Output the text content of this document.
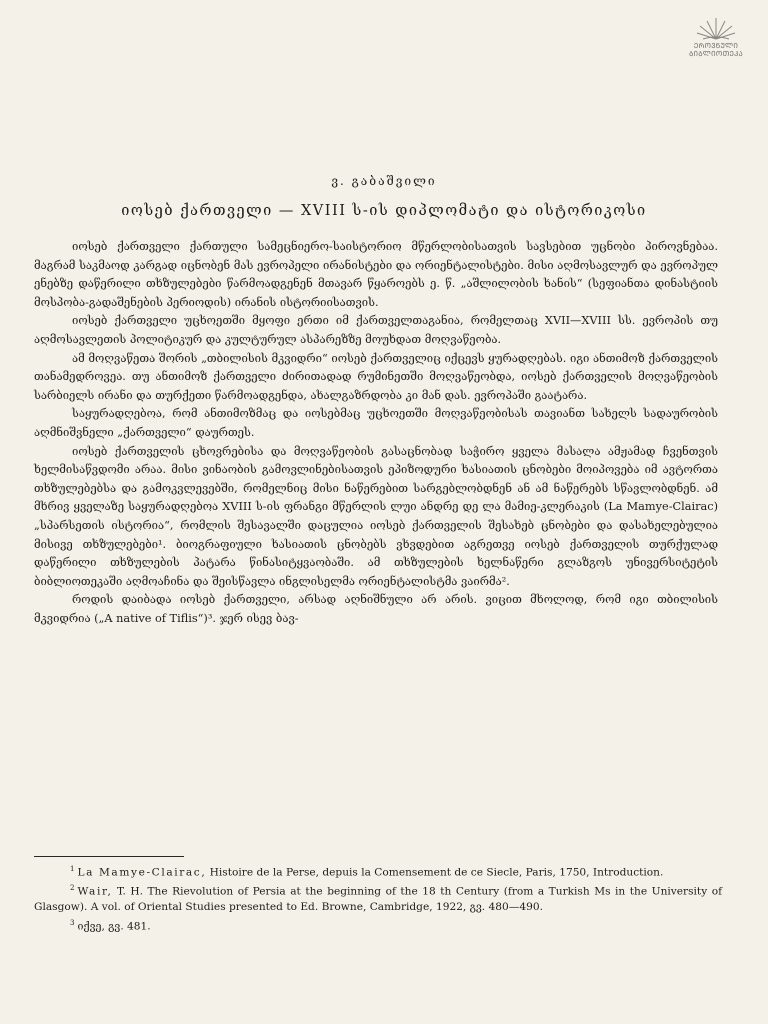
ᲔᲠᲝᲕᲜᲣᲚᲘ
ᲑᲘᲑᲚᲘᲝᲗᲔᲙᲐ
ვ. გაბაშვილი
იოსებ ქართველი — XVIII ს-ის დიპლომატი და ისტორიკოსი

იოსებ ქართველი ქართული სამეცნიერო-საისტორიო მწერლობისათვის სავსებით უცნობი პიროვნებაა. მაგრამ საკმაოდ კარგად იცნობენ მას ევროპელი ირანისტები და ორიენტალისტები. მისი აღმოსავლურ და ევროპულ ენებზე დაწერილი თხზულებები წარმოადგენენ მთავარ წყაროებს ე. წ. „აშლილობის ხანის“ (სეფიანთა დინასტიის მოსპობა-გადაშენების პერიოდის) ირანის ისტორიისათვის.

იოსებ ქართველი უცხოეთში მყოფი ერთი იმ ქართველთაგანია, რომელთაც XVII—XVIII სს. ევროპის თუ აღმოსავლეთის პოლიტიკურ და კულტურულ ასპარეზზე მოუხდათ მოღვაწეობა.

ამ მოღვაწეთა შორის „თბილისის მკვიდრი“ იოსებ ქართველიც იქცევს ყურადღებას. იგი ანთიმოზ ქართველის თანამედროვეა. თუ ანთიმოზ ქართველი ძირითადად რუმინეთში მოღვაწეობდა, იოსებ ქართველის მოღვაწეობის სარბიელს ირანი და თურქეთი წარმოადგენდა, ახალგაზრდობა კი მან დას. ევროპაში გაატარა.

საყურადღებოა, რომ ანთიმოზმაც და იოსებმაც უცხოეთში მოღვაწეობისას თავიანთ სახელს სადაურობის აღმნიშვნელი „ქართველი“ დაურთეს.

იოსებ ქართველის ცხოვრებისა და მოღვაწეობის გასაცნობად საჭირო ყველა მასალა ამჟამად ჩვენთვის ხელმისაწვდომი არაა. მისი ვინაობის გამოვლინებისათვის ეპიზოდური ხასიათის ცნობები მოიპოვება იმ ავტორთა თხზულებებსა და გამოკვლევებში, რომელნიც მისი ნაწერებით სარგებლობდნენ ან ამ ნაწერებს სწავლობდნენ. ამ მხრივ ყველაზე საყურადღებოა XVIII ს-ის ფრანგი მწერლის ლუი ანდრე დე ლა მამიე-კლერაკის (La Mamye-Clairac) „სპარსეთის ისტორია“, რომლის შესავალში დაცულია იოსებ ქართველის შესახებ ცნობები და დასახელებულია მისივე თხზულებები¹. ბიოგრაფიული ხასიათის ცნობებს ვხვდებით აგრეთვე იოსებ ქართველის თურქულად დაწერილი თხზულების პატარა წინასიტყვაობაში. ამ თხზულების ხელნაწერი გლაზგოს უნივერსიტეტის ბიბლიოთეკაში აღმოაჩინა და შეისწავლა ინგლისელმა ორიენტალისტმა ვაირმა².

როდის დაიბადა იოსებ ქართველი, არსად აღნიშნული არ არის. ვიცით მხოლოდ, რომ იგი თბილისის მკვიდრია („A native of Tiflis“)³. ჯერ ისევ ბავ-

$^1$ La Mamye-Clairac, Histoire de la Perse, depuis la Comensement de ce Siecle, Paris, 1750, Introduction.

$^2$ Wair, T. H. The Rievolution of Persia at the beginning of the 18 th Century (from a Turkish Ms in the University of Glasgow). A vol. of Oriental Studies presented to Ed. Browne, Cambridge, 1922, გვ. 480—490.

$^3$ იქვე, გვ. 481.
